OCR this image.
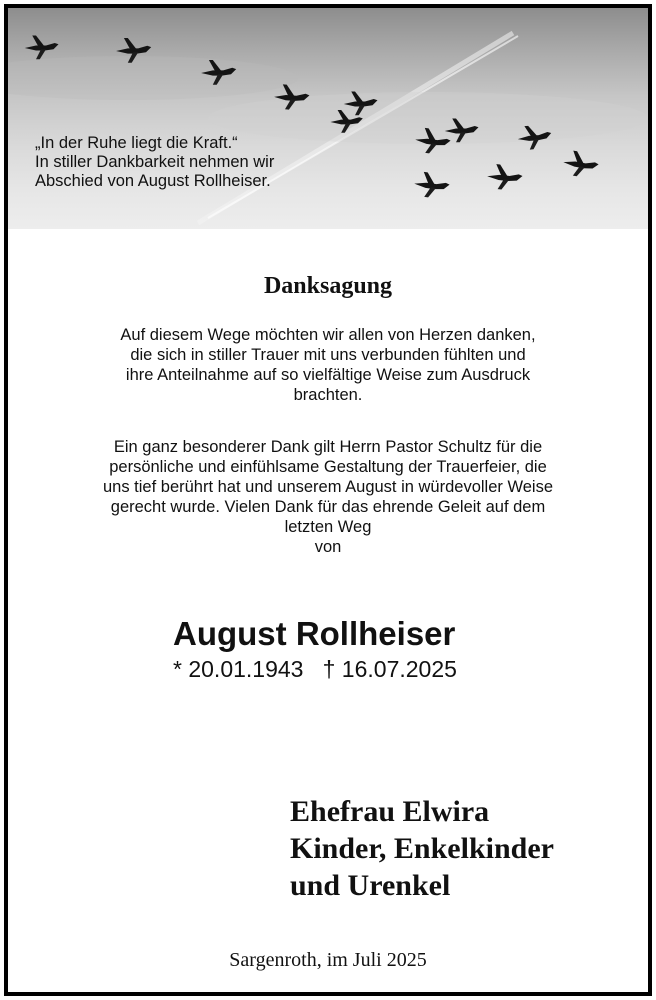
„In der Ruhe liegt die Kraft.“
In stiller Dankbarkeit nehmen wir
Abschied von August Rollheiser.
Danksagung
Auf diesem Wege möchten wir allen von Herzen danken,
die sich in stiller Trauer mit uns verbunden fühlten und
ihre Anteilnahme auf so vielfältige Weise zum Ausdruck
brachten.
Ein ganz besonderer Dank gilt Herrn Pastor Schultz für die
persönliche und einfühlsame Gestaltung der Trauerfeier, die
uns tief berührt hat und unserem August in würdevoller Weise
gerecht wurde. Vielen Dank für das ehrende Geleit auf dem
letzten Weg
von
August Rollheiser
* 20.01.1943   † 16.07.2025
Ehefrau Elwira
Kinder, Enkelkinder
und Urenkel
Sargenroth, im Juli 2025
